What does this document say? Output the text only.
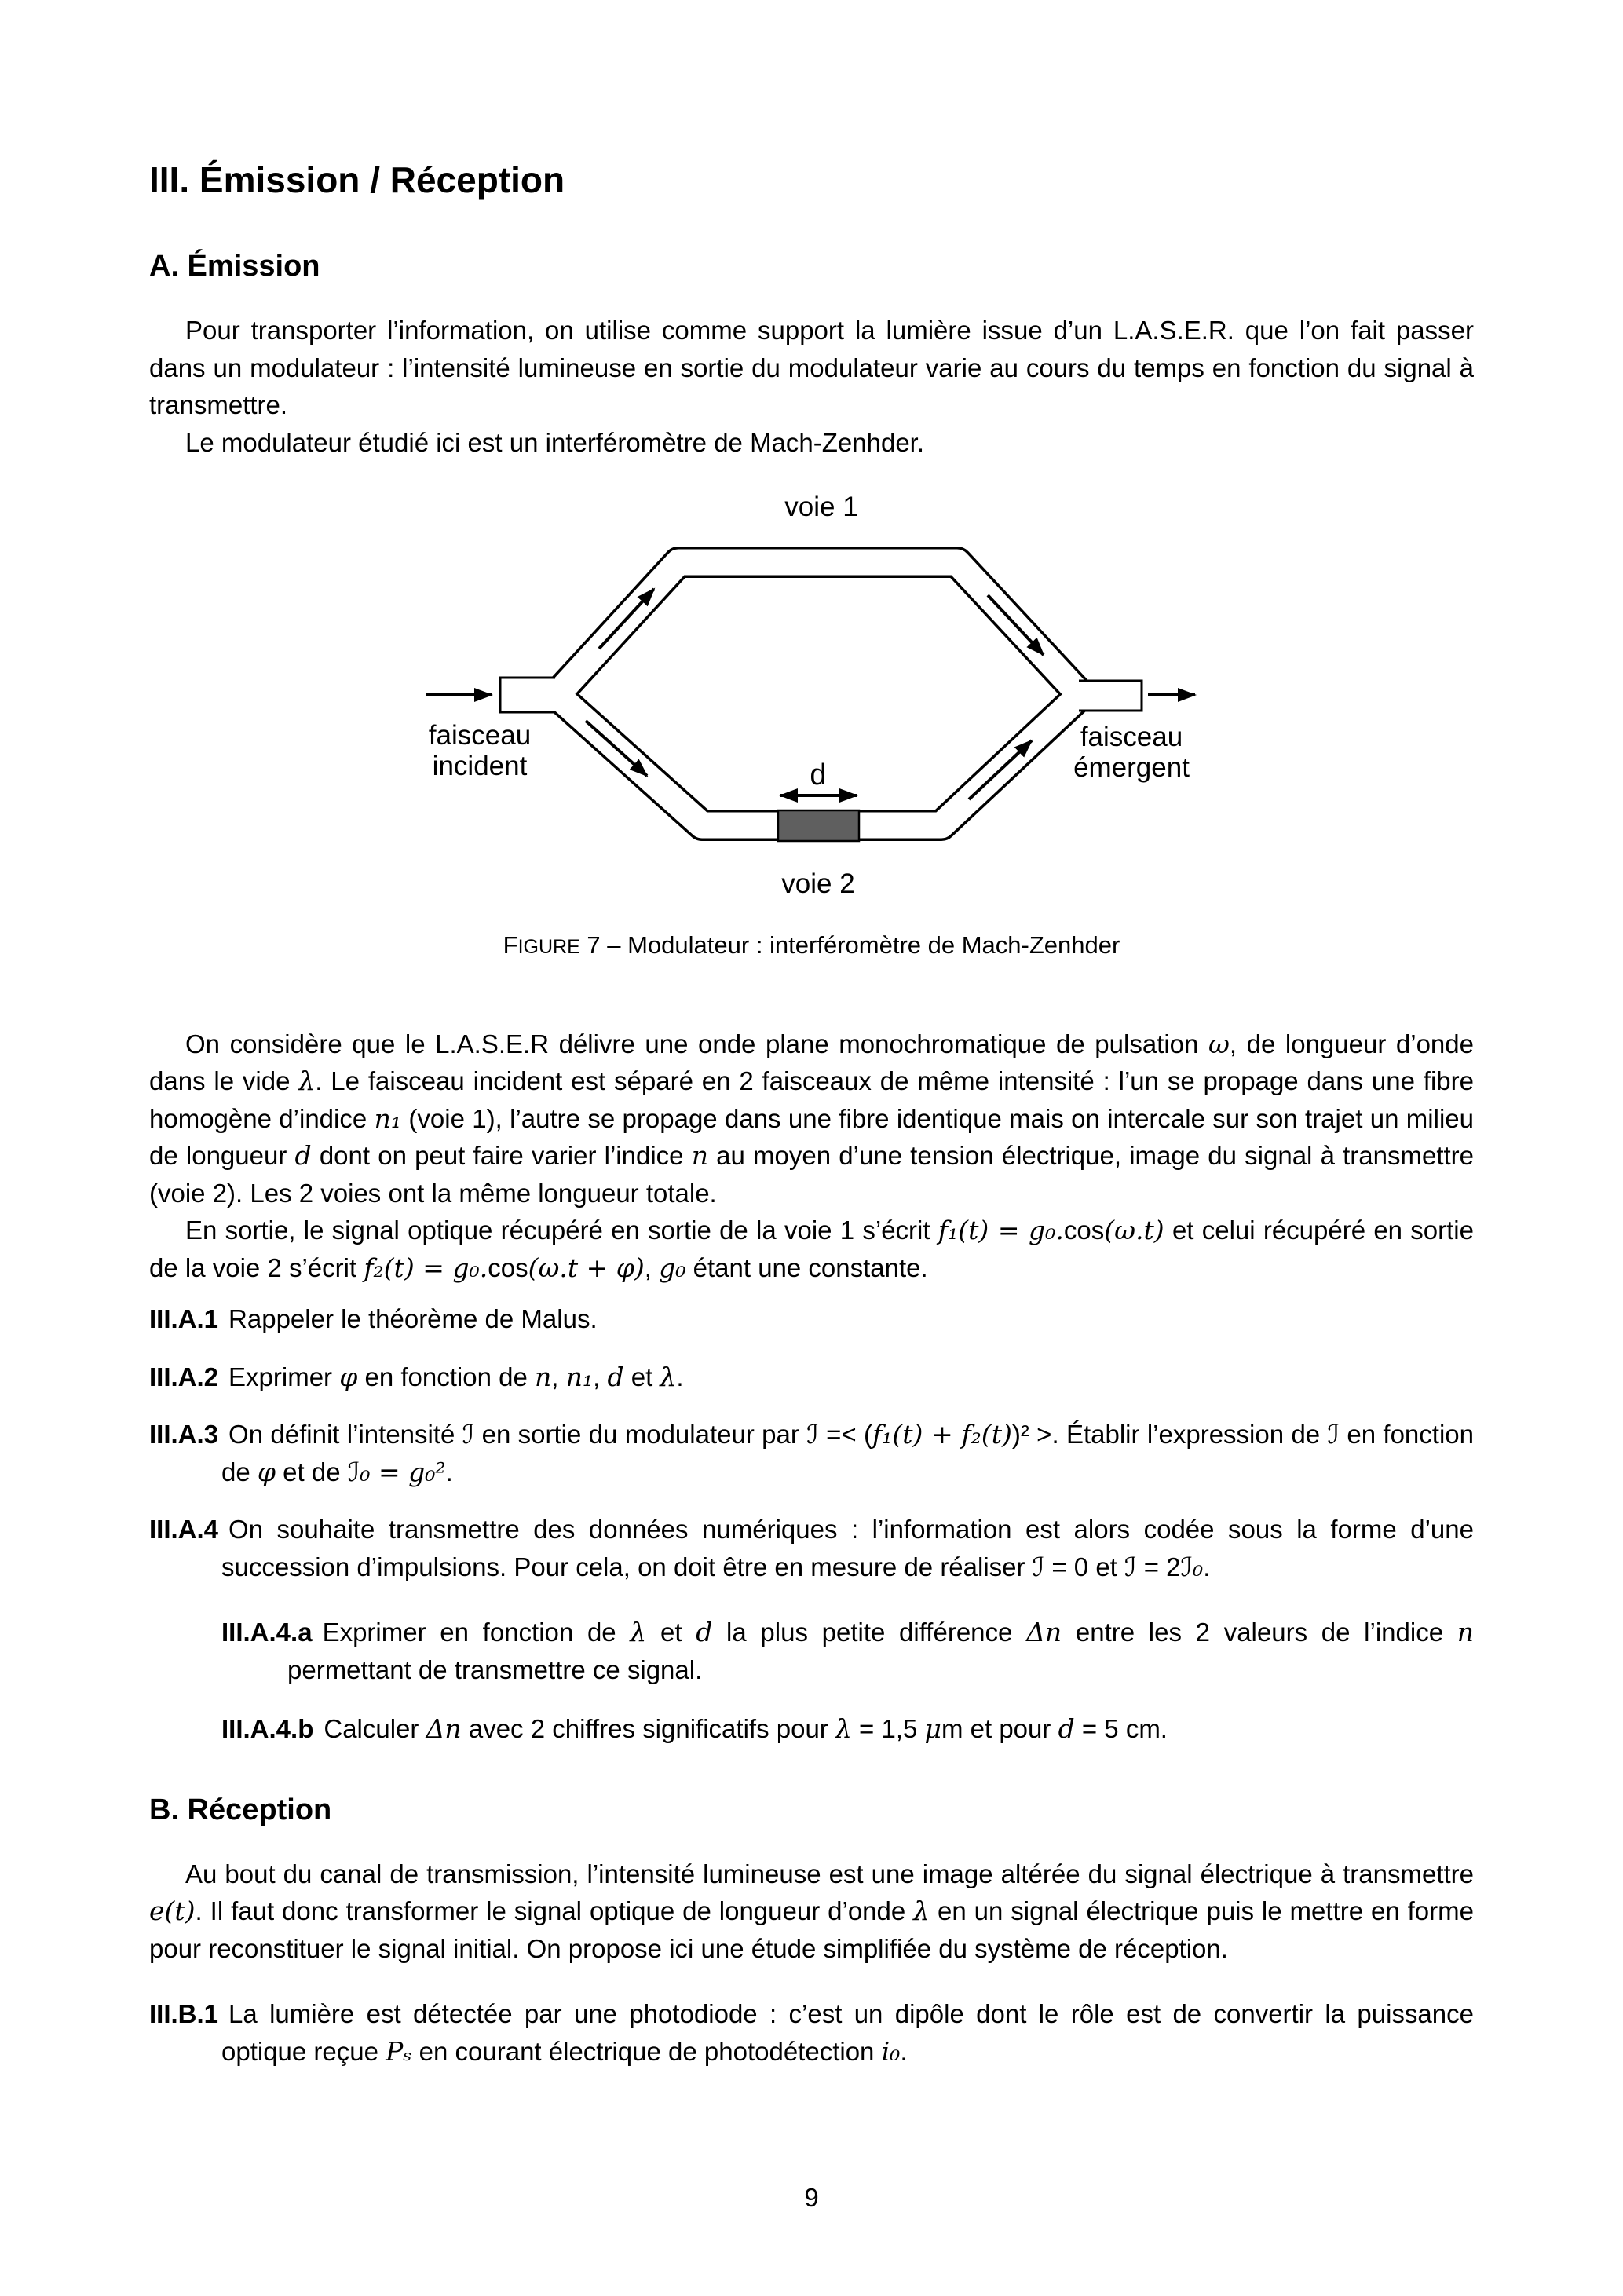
III. Émission / Réception
A. Émission

Pour transporter l’information, on utilise comme support la lumière issue d’un L.A.S.E.R. que l’on fait passer dans un modulateur : l’intensité lumineuse en sortie du modulateur varie au cours du temps en fonction du signal à transmettre.

Le modulateur étudié ici est un interféromètre de Mach-Zenhder.

d
voie 1
voie 2
faisceau
incident
faisceau
émergent

FIGURE 7 – Modulateur : interféromètre de Mach-Zenhder

On considère que le L.A.S.E.R délivre une onde plane monochromatique de pulsation ω, de longueur d’onde dans le vide λ. Le faisceau incident est séparé en 2 faisceaux de même intensité : l’un se propage dans une fibre homogène d’indice n₁ (voie 1), l’autre se propage dans une fibre identique mais on intercale sur son trajet un milieu de longueur d dont on peut faire varier l’indice n au moyen d’une tension électrique, image du signal à transmettre (voie 2). Les 2 voies ont la même longueur totale.

En sortie, le signal optique récupéré en sortie de la voie 1 s’écrit f₁(t) = g₀.cos(ω.t) et celui récupéré en sortie de la voie 2 s’écrit f₂(t) = g₀.cos(ω.t + φ), g₀ étant une constante.

III.A.1 Rappeler le théorème de Malus.
III.A.2 Exprimer φ en fonction de n, n₁, d et λ.
III.A.3 On définit l’intensité ℐ en sortie du modulateur par ℐ =< (f₁(t) + f₂(t))² >. Établir l’expression de ℐ en fonction de φ et de ℐ₀ = g₀².
III.A.4 On souhaite transmettre des données numériques : l’information est alors codée sous la forme d’une succession d’impulsions. Pour cela, on doit être en mesure de réaliser ℐ = 0 et ℐ = 2ℐ₀.
III.A.4.a Exprimer en fonction de λ et d la plus petite différence Δn entre les 2 valeurs de l’indice n permettant de transmettre ce signal.
III.A.4.b Calculer Δn avec 2 chiffres significatifs pour λ = 1,5 μm et pour d = 5 cm.
B. Réception

Au bout du canal de transmission, l’intensité lumineuse est une image altérée du signal électrique à transmettre e(t). Il faut donc transformer le signal optique de longueur d’onde λ en un signal électrique puis le mettre en forme pour reconstituer le signal initial. On propose ici une étude simplifiée du système de réception.

III.B.1 La lumière est détectée par une photodiode : c’est un dipôle dont le rôle est de convertir la puissance optique reçue Pₛ en courant électrique de photodétection i₀.
9
